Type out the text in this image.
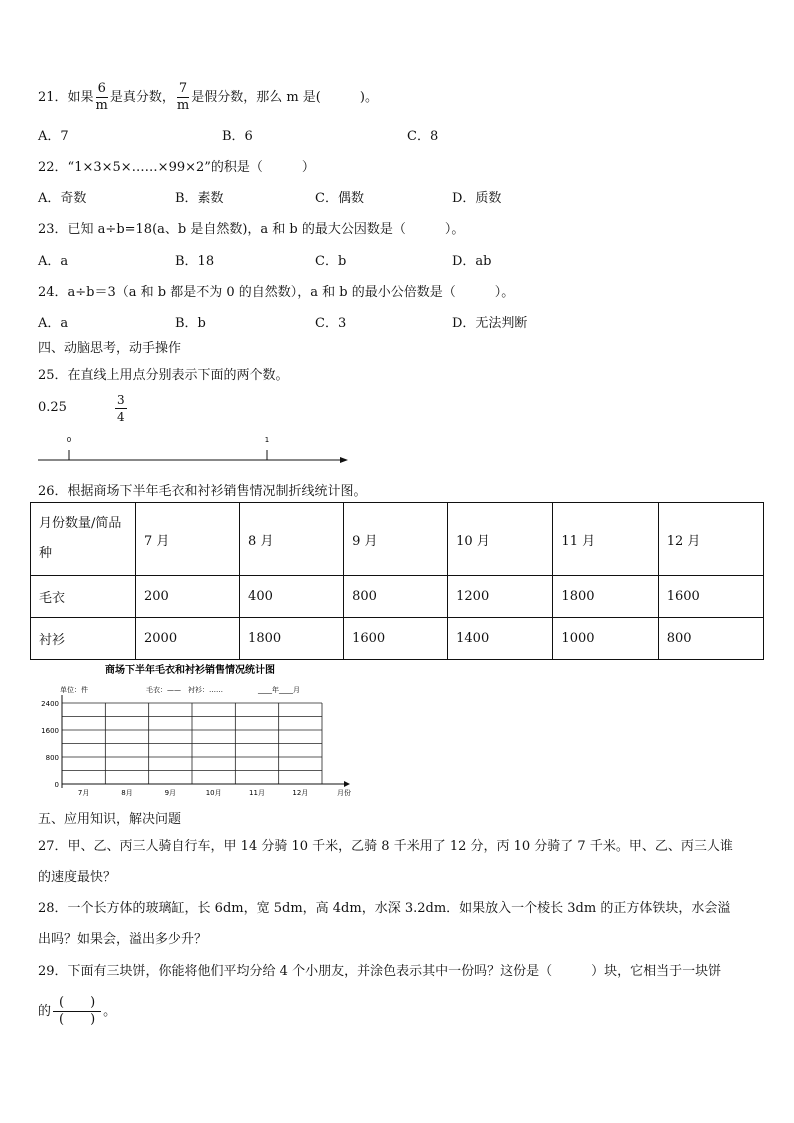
21．如果 $\frac{6}{m}$ 是真分数， $\frac{7}{m}$ 是假分数，那么 m 是(　　　)。
A．7	B．6	C．8
22．“1×3×5×……×99×2”的积是（　　　）
A．奇数	B．素数	C．偶数	D．质数
23．已知 a÷b=18(a、b 是自然数)，a 和 b 的最大公因数是（　　　）。
A．a	B．18	C．b	D．ab
24．a÷b＝3（a 和 b 都是不为 0 的自然数），a 和 b 的最小公倍数是（　　　）。
A．a	B．b	C．3	D．无法判断
四、动脑思考，动手操作
25．在直线上用点分别表示下面的两个数。
0.25	$\frac{3}{4}$
0	1
26．根据商场下半年毛衣和衬衫销售情况制折线统计图。
月份数量/简品种	7 月	8 月	9 月	10 月	11 月	12 月
毛衣	200	400	800	1200	1800	1600
衬衫	2000	1800	1600	1400	1000	800
商场下半年毛衣和衬衫销售情况统计图
单位：件	毛衣：——　衬衫：……	____年____月
2400
1600
800
0
7月	8月	9月	10月	11月	12月	月份
五、应用知识，解决问题
27．甲、乙、丙三人骑自行车，甲 14 分骑 10 千米，乙骑 8 千米用了 12 分，丙 10 分骑了 7 千米。甲、乙、丙三人谁
的速度最快？
28．一个长方体的玻璃缸，长 6dm，宽 5dm，高 4dm，水深 3.2dm．如果放入一个棱长 3dm 的正方体铁块，水会溢
出吗？如果会，溢出多少升？
29．下面有三块饼，你能将他们平均分给 4 个小朋友，并涂色表示其中一份吗？这份是（　　　）块，它相当于一块饼
的 $\frac{( )}{( )}$ 。
